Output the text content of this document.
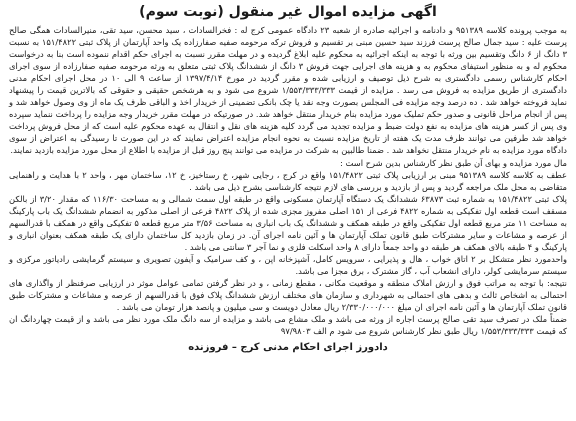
اگهی مزایده اموال غیر منقول (نوبت سوم)

به موجب پرونده کلاسه ۹۵۱۳۸۹ و دادنامه و اجرائیه صادره از شعبه ۲۳ دادگاه عمومی کرج له : فخرالسادات ، سید محسن، سید تقی، منیرالسادات همگی صالح پرست علیه : سید جمال صالح پرست فرزند سید حسین مبنی بر تقسیم و فروش ترکه مرحومه صفیه صفارزاده یک واحد آپارتمان از پلاک ثبتی ۱۵۱/۴۸۲۲ به نسبت ۳ دانگ از ۶ دانگ وتقسیم بین ورثه با توجه به اینکه اجرائیه به محکوم علیه ابلاغ گردیده و در مهلت مقرر نسبت به اجرای حکم اقدام ننموده است بنا به درخواست محکوم له و به منظور استیفای محکوم به و هزینه های اجرایی جهت فروش ۳ دانگ از ششدانگ پلاک ثبتی متعلق به ورثه مرحومه صفیه صفارزاده از سوی اجرای احکام کارشناس رسمی دادگستری به شرح ذیل توصیف و ارزیابی شده و مقرر گردید در مورخ ۱۳۹۷/۴/۱۴ از ساعت ۹ الی ۱۰ در محل اجرای احکام مدنی دادگستری از طریق مزایده به فروش می رسد . مزایده از قیمت ۱/۵۵۳/۳۳۳/۳۳۳ شروع می شود و به هرشخص حقیقی و حقوقی که بالاترین قیمت را پیشنهاد نماید فروخته خواهد شد . ده درصد وجه مزایده فی المجلس بصورت وجه نقد یا چک بانکی تضمینی از خریدار اخذ و الباقی ظرف یک ماه از وی وصول خواهد شد و پس از انجام مراحل قانونی و صدور حکم تملیک مورد مزایده بنام خریدار منتقل خواهد شد. در صورتیکه در مهلت مقرر خریدار وجه مزایده را پرداخت ننماید سپرده وی پس از کسر هزینه های مزایده به نفع دولت ضبط و مزایده تجدید می گردد کلیه هزینه های نقل و انتقال به عهده محکوم علیه است که از محل فروش پرداخت خواهد شد طرفین می توانند ظرف مدت یک هفته از تاریخ مزایده نسبت به نحوه انجام مزایده اعتراض نمایند که در این صورت تا رسیدگی به اعتراض از سوی دادگاه مورد مزایده به نام خریدار منتقل نخواهد شد . ضمنا طالبین به شرکت در مزایده می توانند پنج روز قبل از مزایده با اطلاع از محل مورد مزایده بازدید نمایند.

مال مورد مزایده و بهای آن طبق نظر کارشناس بدین شرح است :

عطف به کلاسه کلاسه ۹۵۱۳۸۹ مبنی بر ارزیابی پلاک ثبتی ۱۵۱/۴۸۲۲ واقع در کرج ، رجایی شهر، خ رستاخیز، خ ۱۲، ساختمان مهر ، واحد ۲ با هدایت و راهنمایی متقاضی به محل ملک مراجعه گردید و پس از بازدید و بررسی های لازم نتیجه کارشناسی بشرح ذیل می باشد .

پلاک ثبتی ۱۵۱/۴۸۲۲ به شماره ثبت ۶۳۸۷۳ ششدانگ یک دستگاه آپارتمان مسکونی واقع در طبقه اول سمت شمالی و به مساحت ۱۱۶/۳۰ که مقدار ۳/۲۰ از بالکن مسقف است قطعه اول تفکیکی به شماره ۴۸۲۲ فرعی از ۱۵۱ اصلی مفروز مجزی شده از پلاک ۴۸۲۲ فرعی از اصلی مذکور به انضمام ششدانگ یک باب پارکینگ به مساحت ۱۱ متر مربع قطعه اول تفکیکی واقع در طبقه همکف و ششدانگ یک باب انباری به مساحت ۳/۵۶ متر مربع قطعه ۵ تفکیکی واقع در همکف با قدرالسهم از عرصه و مشاعات و سایر مشترکات طبق قانون تملک آپارتمان ها و آئین نامه اجرای آن. در زمان بازدید کل ساختمان دارای یک طبقه همکف بعنوان انباری و پارکینگ و ۴ طبقه بالای همکف هر طبقه دو واحد جمعاً دارای ۸ واحد اسکلت فلزی و نما آجر ۳ سانتی می باشد .

واحدمورد نظر متشکل بر ۲ اتاق خواب ، هال و پذیرایی ، سرویس کامل، آشپزخانه اپن ، و کف سرامیک و آیفون تصویری و سیستم گرمایشی رادیاتور مرکزی و سیستم سرمایشی کولر، دارای انشعاب آب ، گاز مشترک ، برق مجزا می باشد.

نتیجه: با توجه به مراتب فوق و ارزش املاک منطقه و موقعیت مکانی ، مقطع زمانی ، و در نظر گرفتن تمامی عوامل موثر در ارزیابی صرفنظر از واگذاری های احتمالی به اشخاص ثالث و بدهی های احتمالی به شهرداری و سازمان های مختلف ارزش ششدانگ پلاک فوق با قدرالسهم از عرصه و مشاعات و مشترکات طبق قانون تملک آپارتمان ها و آئین نامه اجرای ان مبلغ ۲/۳۳۰/۰۰۰/۰۰۰ ریال معادل دویست و سی میلیون و پانصد هزار تومان می باشد .

ضمناً ملک در تصرف سید تقی صالح پرست اجاره از ورثه می باشد و ملک مشاع می باشد و مزایده از سه دانگ ملک مورد نظر می باشد و از قیمت چهاردانگ ان که قیمت ۱/۵۵۳/۳۳۳/۳۳۳ ریال طبق نظر کارشناس شروع می شود م الف ۹۷/۹۸۰۳

دادورز اجرای احکام مدنی کرج – فروزنده
